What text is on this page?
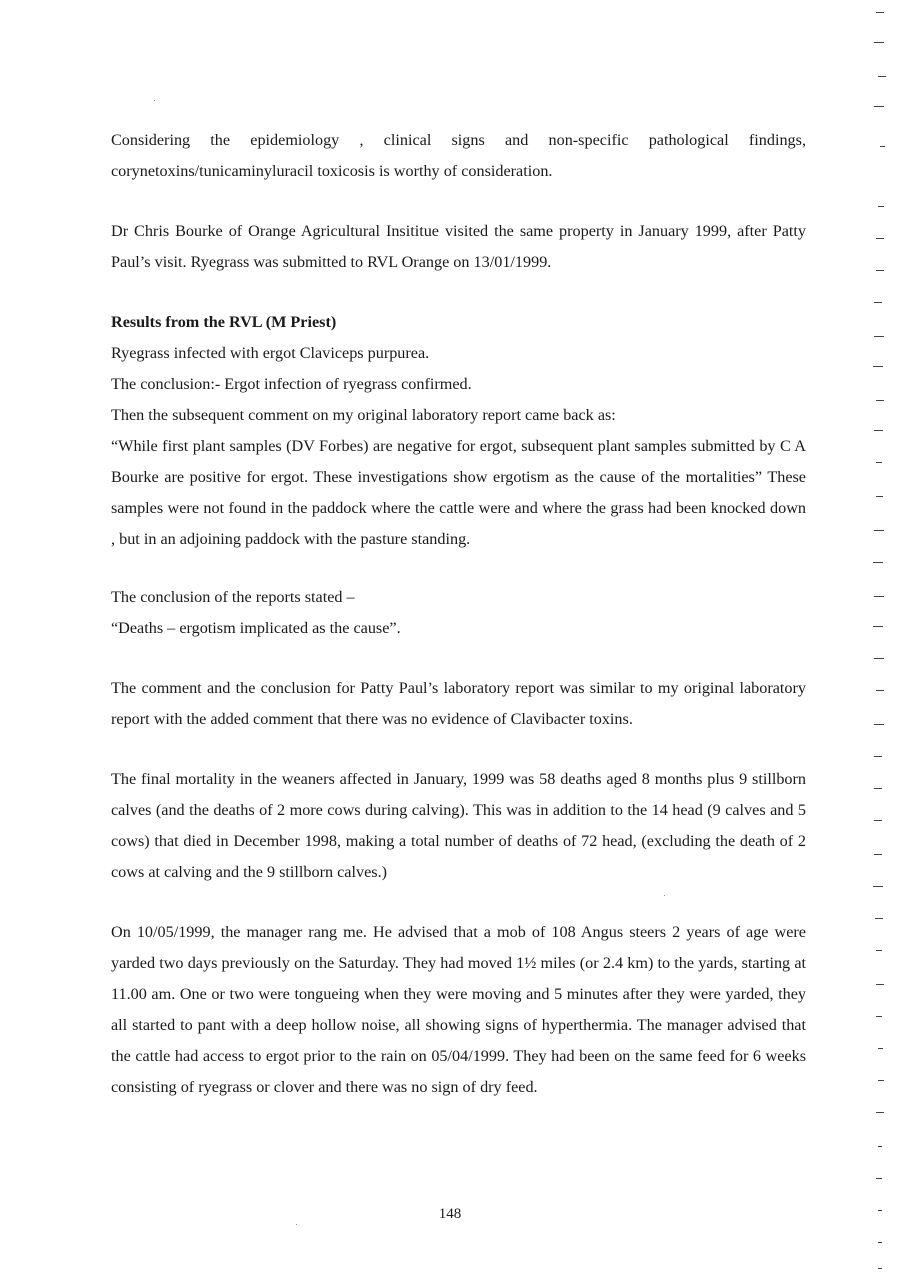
Considering the epidemiology , clinical signs and non-specific pathological findings, corynetoxins/tunicaminyluracil toxicosis is worthy of consideration.

Dr Chris Bourke of Orange Agricultural Insititue visited the same property in January 1999, after Patty Paul’s visit. Ryegrass was submitted to RVL Orange on 13/01/1999.

Results from the RVL (M Priest)

Ryegrass infected with ergot Claviceps purpurea.

The conclusion:- Ergot infection of ryegrass confirmed.

Then the subsequent comment on my original laboratory report came back as:

“While first plant samples (DV Forbes) are negative for ergot, subsequent plant samples submitted by C A Bourke are positive for ergot. These investigations show ergotism as the cause of the mortalities” These samples were not found in the paddock where the cattle were and where the grass had been knocked down , but in an adjoining paddock with the pasture standing.

The conclusion of the reports stated –

“Deaths – ergotism implicated as the cause”.

The comment and the conclusion for Patty Paul’s laboratory report was similar to my original laboratory report with the added comment that there was no evidence of Clavibacter toxins.

The final mortality in the weaners affected in January, 1999 was 58 deaths aged 8 months plus 9 stillborn calves (and the deaths of 2 more cows during calving). This was in addition to the 14 head (9 calves and 5 cows) that died in December 1998, making a total number of deaths of 72 head, (excluding the death of 2 cows at calving and the 9 stillborn calves.)

On 10/05/1999, the manager rang me. He advised that a mob of 108 Angus steers 2 years of age were yarded two days previously on the Saturday. They had moved 1½ miles (or 2.4 km) to the yards, starting at 11.00 am. One or two were tongueing when they were moving and 5 minutes after they were yarded, they all started to pant with a deep hollow noise, all showing signs of hyperthermia. The manager advised that the cattle had access to ergot prior to the rain on 05/04/1999. They had been on the same feed for 6 weeks consisting of ryegrass or clover and there was no sign of dry feed.

148
